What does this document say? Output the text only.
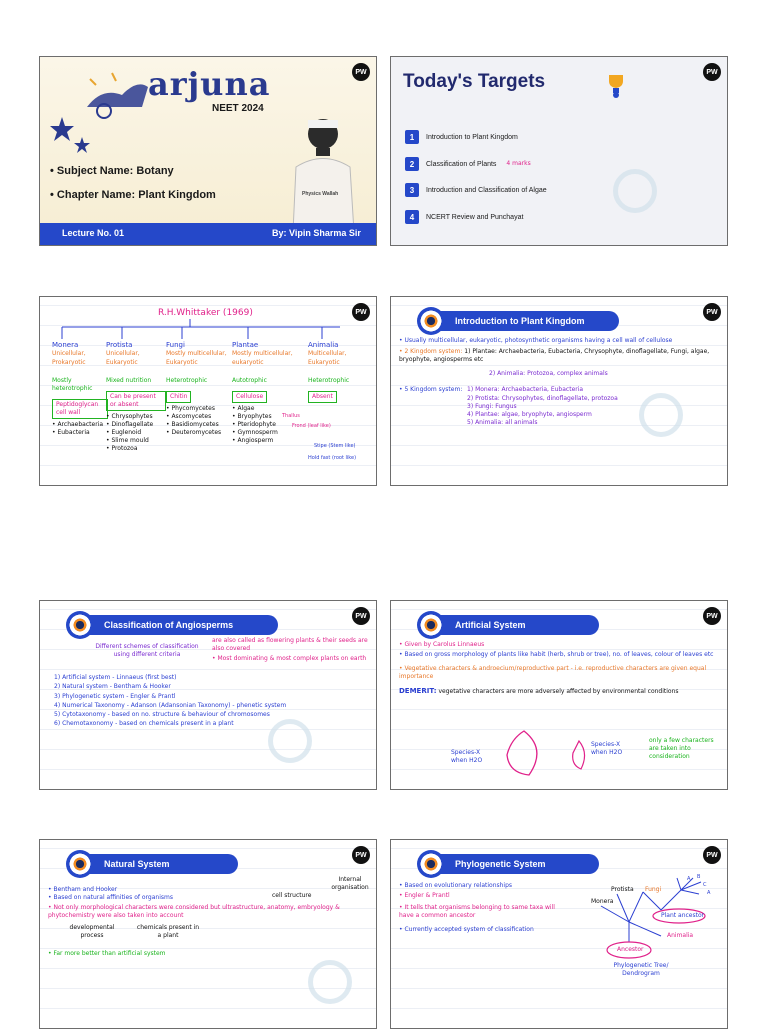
PW
arjuna
NEET 2024
• Subject Name: Botany
• Chapter Name: Plant Kingdom	Physics Wallah
Lecture No. 01	By: Vipin Sharma Sir
PW
Today's Targets
1	Introduction to Plant Kingdom
2	Classification of Plants 4 marks
3	Introduction and Classification of Algae
4	NCERT Review and Punchayat
PW
R.H.Whittaker (1969)
Monera
Unicellular, Prokaryotic
Mostly heterotrophic
Peptidoglycan cell wall
• Archaebacteria
• Eubacteria
Protista
Unicellular, Eukaryotic
Mixed nutrition
Can be present or absent
• Chrysophytes
• Dinoflagellate
• Euglenoid
• Slime mould
• Protozoa
Fungi
Mostly multicellular, Eukaryotic
Heterotrophic
Chitin
• Phycomycetes
• Ascomycetes
• Basidiomycetes
• Deuteromycetes
Plantae
Mostly multicellular, eukaryotic
Autotrophic
Cellulose
• Algae
• Bryophytes
• Pteridophyte
• Gymnosperm
• Angiosperm
Animalia
Multicellular, Eukaryotic
Heterotrophic
Absent
Thallus
Frond (leaf like)
Stipe (Stem like)
Hold fast (root like)
PW
Introduction to Plant Kingdom
• Usually multicellular, eukaryotic, photosynthetic organisms having a cell wall of cellulose
• 2 Kingdom system: 1) Plantae: Archaebacteria, Eubacteria, Chrysophyte, dinoflagellate, Fungi, algae, bryophyte, angiosperms etc
2) Animalia: Protozoa, complex animals
• 5 Kingdom system: 1) Monera: Archaebacteria, Eubacteria
2) Protista: Chrysophytes, dinoflagellate, protozoa
3) Fungi: Fungus
4) Plantae: algae, bryophyte, angiosperm
5) Animalia: all animals
PW
Classification of Angiosperms
Different schemes of classification using different criteria
are also called as flowering plants & their seeds are also covered
• Most dominating & most complex plants on earth
1) Artificial system - Linnaeus (first best)
2) Natural system - Bentham & Hooker
3) Phylogenetic system - Engler & Prantl
4) Numerical Taxonomy - Adanson (Adansonian Taxonomy) - phenetic system
5) Cytotaxonomy - based on no. structure & behaviour of chromosomes
6) Chemotaxonomy - based on chemicals present in a plant
PW
Artificial System
• Given by Carolus Linnaeus
• Based on gross morphology of plants like habit (herb, shrub or tree), no. of leaves, colour of leaves etc
• Vegetative characters & androecium/reproductive part - i.e. reproductive characters are given equal importance
DEMERIT: vegetative characters are more adversely affected by environmental conditions
Species-X when H2O
Species-X when H2O
only a few characters are taken into consideration
PW
Natural System
Internal organisation
cell structure
• Bentham and Hooker
• Based on natural affinities of organisms
• Not only morphological characters were considered but ultrastructure, anatomy, embryology & phytochemistry were also taken into account
developmental process
chemicals present in a plant
• Far more better than artificial system
PW
Phylogenetic System
• Based on evolutionary relationships
• Engler & Prantl
• It tells that organisms belonging to same taxa will have a common ancestor
• Currently accepted system of classification
Monera
Protista Fungi
Plant ancestor
Animalia
Ancestor
Phylogenetic Tree/ Dendrogram
A B
C
A
